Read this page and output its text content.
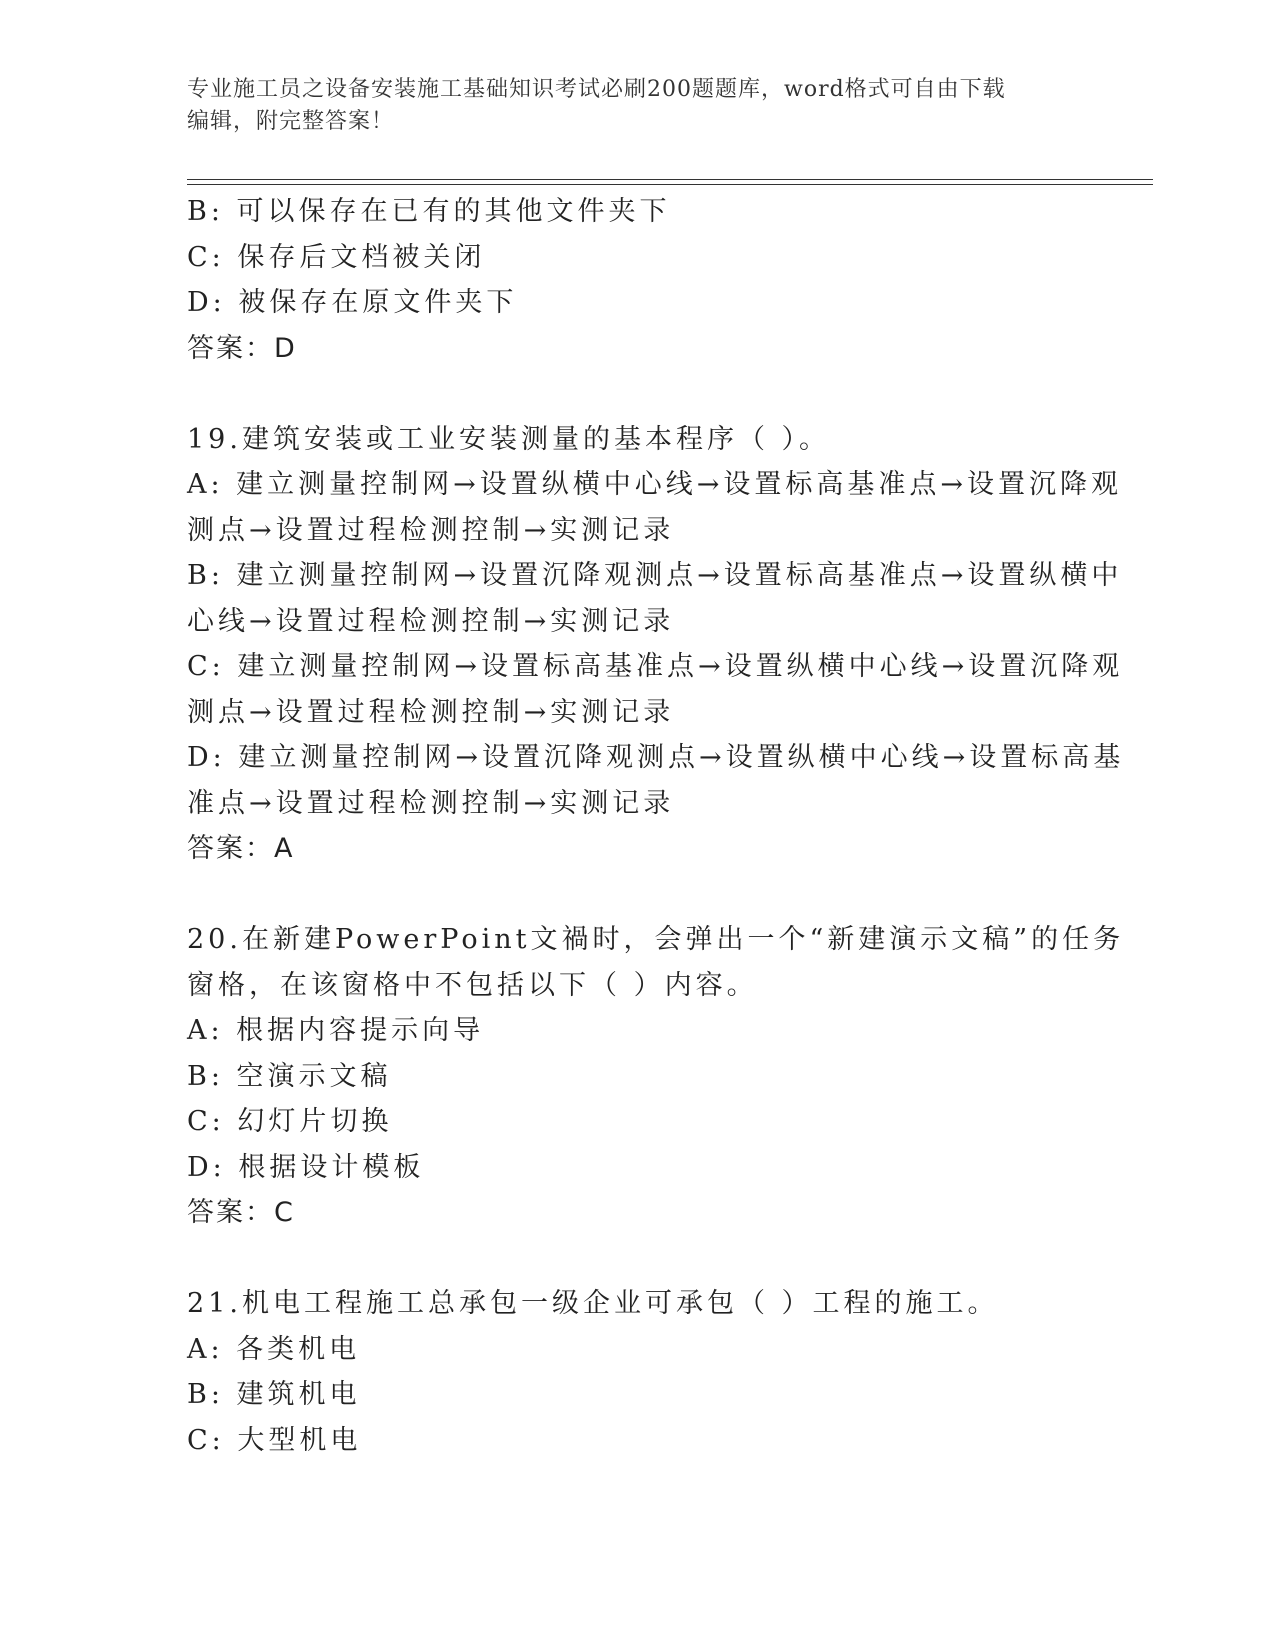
专业施工员之设备安装施工基础知识考试必刷200题题库，word格式可自由下载
编辑，附完整答案！
B: 可以保存在已有的其他文件夹下
C: 保存后文档被关闭
D: 被保存在原文件夹下
答案：D
19.建筑安装或工业安装测量的基本程序（ ）。
A: 建立测量控制网→设置纵横中心线→设置标高基准点→设置沉降观
测点→设置过程检测控制→实测记录
B: 建立测量控制网→设置沉降观测点→设置标高基准点→设置纵横中
心线→设置过程检测控制→实测记录
C: 建立测量控制网→设置标高基准点→设置纵横中心线→设置沉降观
测点→设置过程检测控制→实测记录
D: 建立测量控制网→设置沉降观测点→设置纵横中心线→设置标高基
准点→设置过程检测控制→实测记录
答案：A
20.在新建PowerPoint文禍时，会弹出一个“新建演示文稿”的任务
窗格，在该窗格中不包括以下（ ）内容。
A: 根据内容提示向导
B: 空演示文稿
C: 幻灯片切换
D: 根据设计模板
答案：C
21.机电工程施工总承包一级企业可承包（ ）工程的施工。
A: 各类机电
B: 建筑机电
C: 大型机电
